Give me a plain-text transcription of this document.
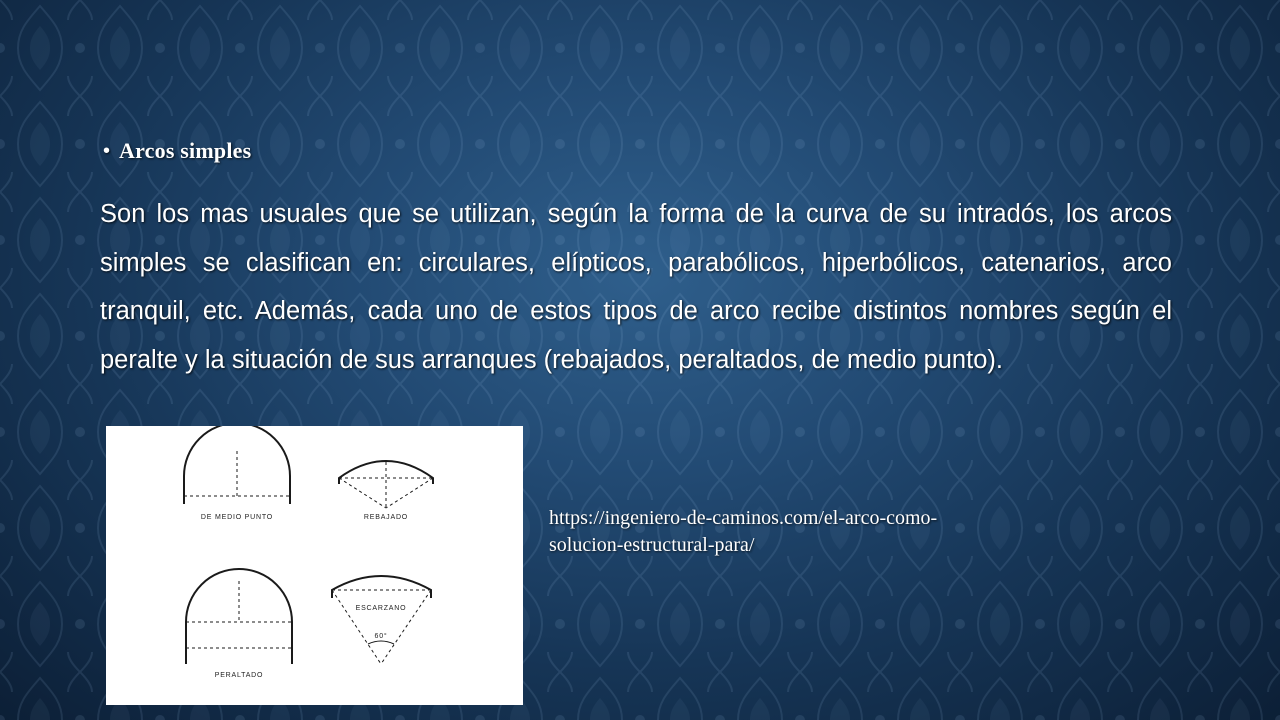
• Arcos simples

Son los mas usuales que se utilizan, según la forma de la curva de su intradós, los arcos simples se clasifican en: circulares, elípticos, parabólicos, hiperbólicos, catenarios, arco tranquil, etc. Además, cada uno de estos tipos de arco recibe distintos nombres según el peralte y la situación de sus arranques (rebajados, peraltados, de medio punto).

DE MEDIO PUNTO	REBAJADO
PERALTADO
ESCARZANO
60°
https://ingeniero-de-caminos.com/el-arco-como-
solucion-estructural-para/
